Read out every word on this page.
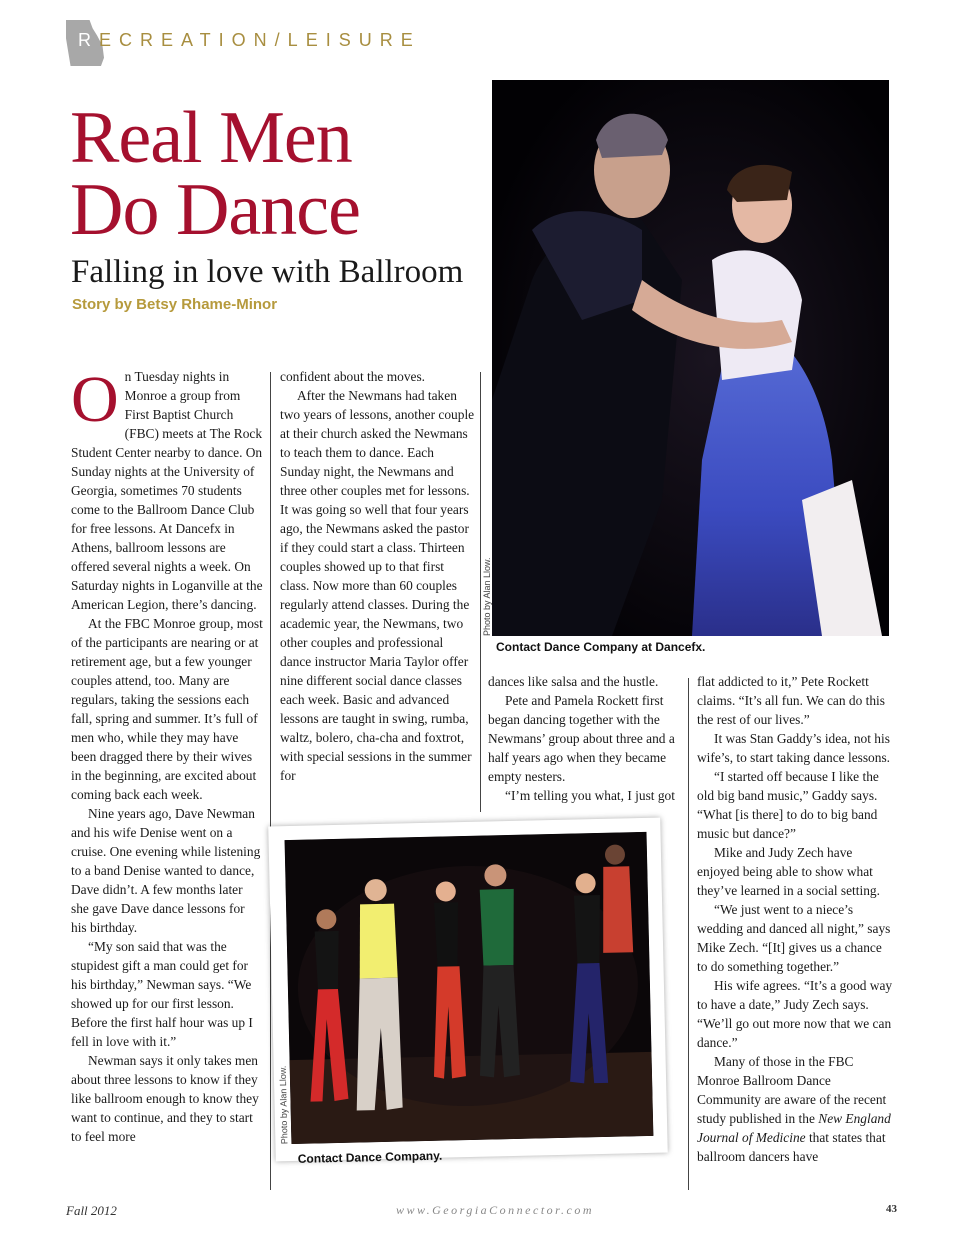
RECREATION/LEISURE
Real Men
Do Dance
Falling in love with Ballroom
Story by Betsy Rhame-Minor
Photo by Alan Llow.
Contact Dance Company at Dancefx.
O n Tuesday nights in Monroe a group from First Baptist Church (FBC) meets at The Rock Student Center nearby to dance. On Sunday nights at the University of Georgia, sometimes 70 students come to the Ballroom Dance Club for free lessons. At Dancefx in Athens, ballroom lessons are offered several nights a week. On Saturday nights in Loganville at the American Legion, there’s dancing.

At the FBC Monroe group, most of the participants are nearing or at retirement age, but a few younger couples attend, too. Many are regulars, taking the sessions each fall, spring and summer. It’s full of men who, while they may have been dragged there by their wives in the beginning, are excited about coming back each week.

Nine years ago, Dave Newman and his wife Denise went on a cruise. One evening while listening to a band Denise wanted to dance, Dave didn’t. A few months later she gave Dave dance lessons for his birthday.

“My son said that was the stupidest gift a man could get for his birthday,” Newman says. “We showed up for our first lesson. Before the first half hour was up I fell in love with it.”

Newman says it only takes men about three lessons to know if they like ballroom enough to know they want to continue, and they to start to feel more

confident about the moves.

After the Newmans had taken two years of lessons, another couple at their church asked the Newmans to teach them to dance. Each Sunday night, the Newmans and three other couples met for lessons. It was going so well that four years ago, the Newmans asked the pastor if they could start a class. Thirteen couples showed up to that first class. Now more than 60 couples regularly attend classes. During the academic year, the Newmans, two other couples and professional dance instructor Maria Taylor offer nine different social dance classes each week. Basic and advanced lessons are taught in swing, rumba, waltz, bolero, cha-cha and foxtrot, with special sessions in the summer for

dances like salsa and the hustle.

Pete and Pamela Rockett first began dancing together with the Newmans’ group about three and a half years ago when they became empty nesters.

“I’m telling you what, I just got

flat addicted to it,” Pete Rockett claims. “It’s all fun. We can do this the rest of our lives.”

It was Stan Gaddy’s idea, not his wife’s, to start taking dance lessons.

“I started off because I like the old big band music,” Gaddy says. “What [is there] to do to big band music but dance?”

Mike and Judy Zech have enjoyed being able to show what they’ve learned in a social setting.

“We just went to a niece’s wedding and danced all night,” says Mike Zech. “[It] gives us a chance to do something together.”

His wife agrees. “It’s a good way to have a date,” Judy Zech says. “We’ll go out more now that we can dance.”

Many of those in the FBC Monroe Ballroom Dance Community are aware of the recent study published in the New England Journal of Medicine that states that ballroom dancers have

Photo by Alan Llow.
Contact Dance Company.
Fall 2012	www.GeorgiaConnector.com	43
